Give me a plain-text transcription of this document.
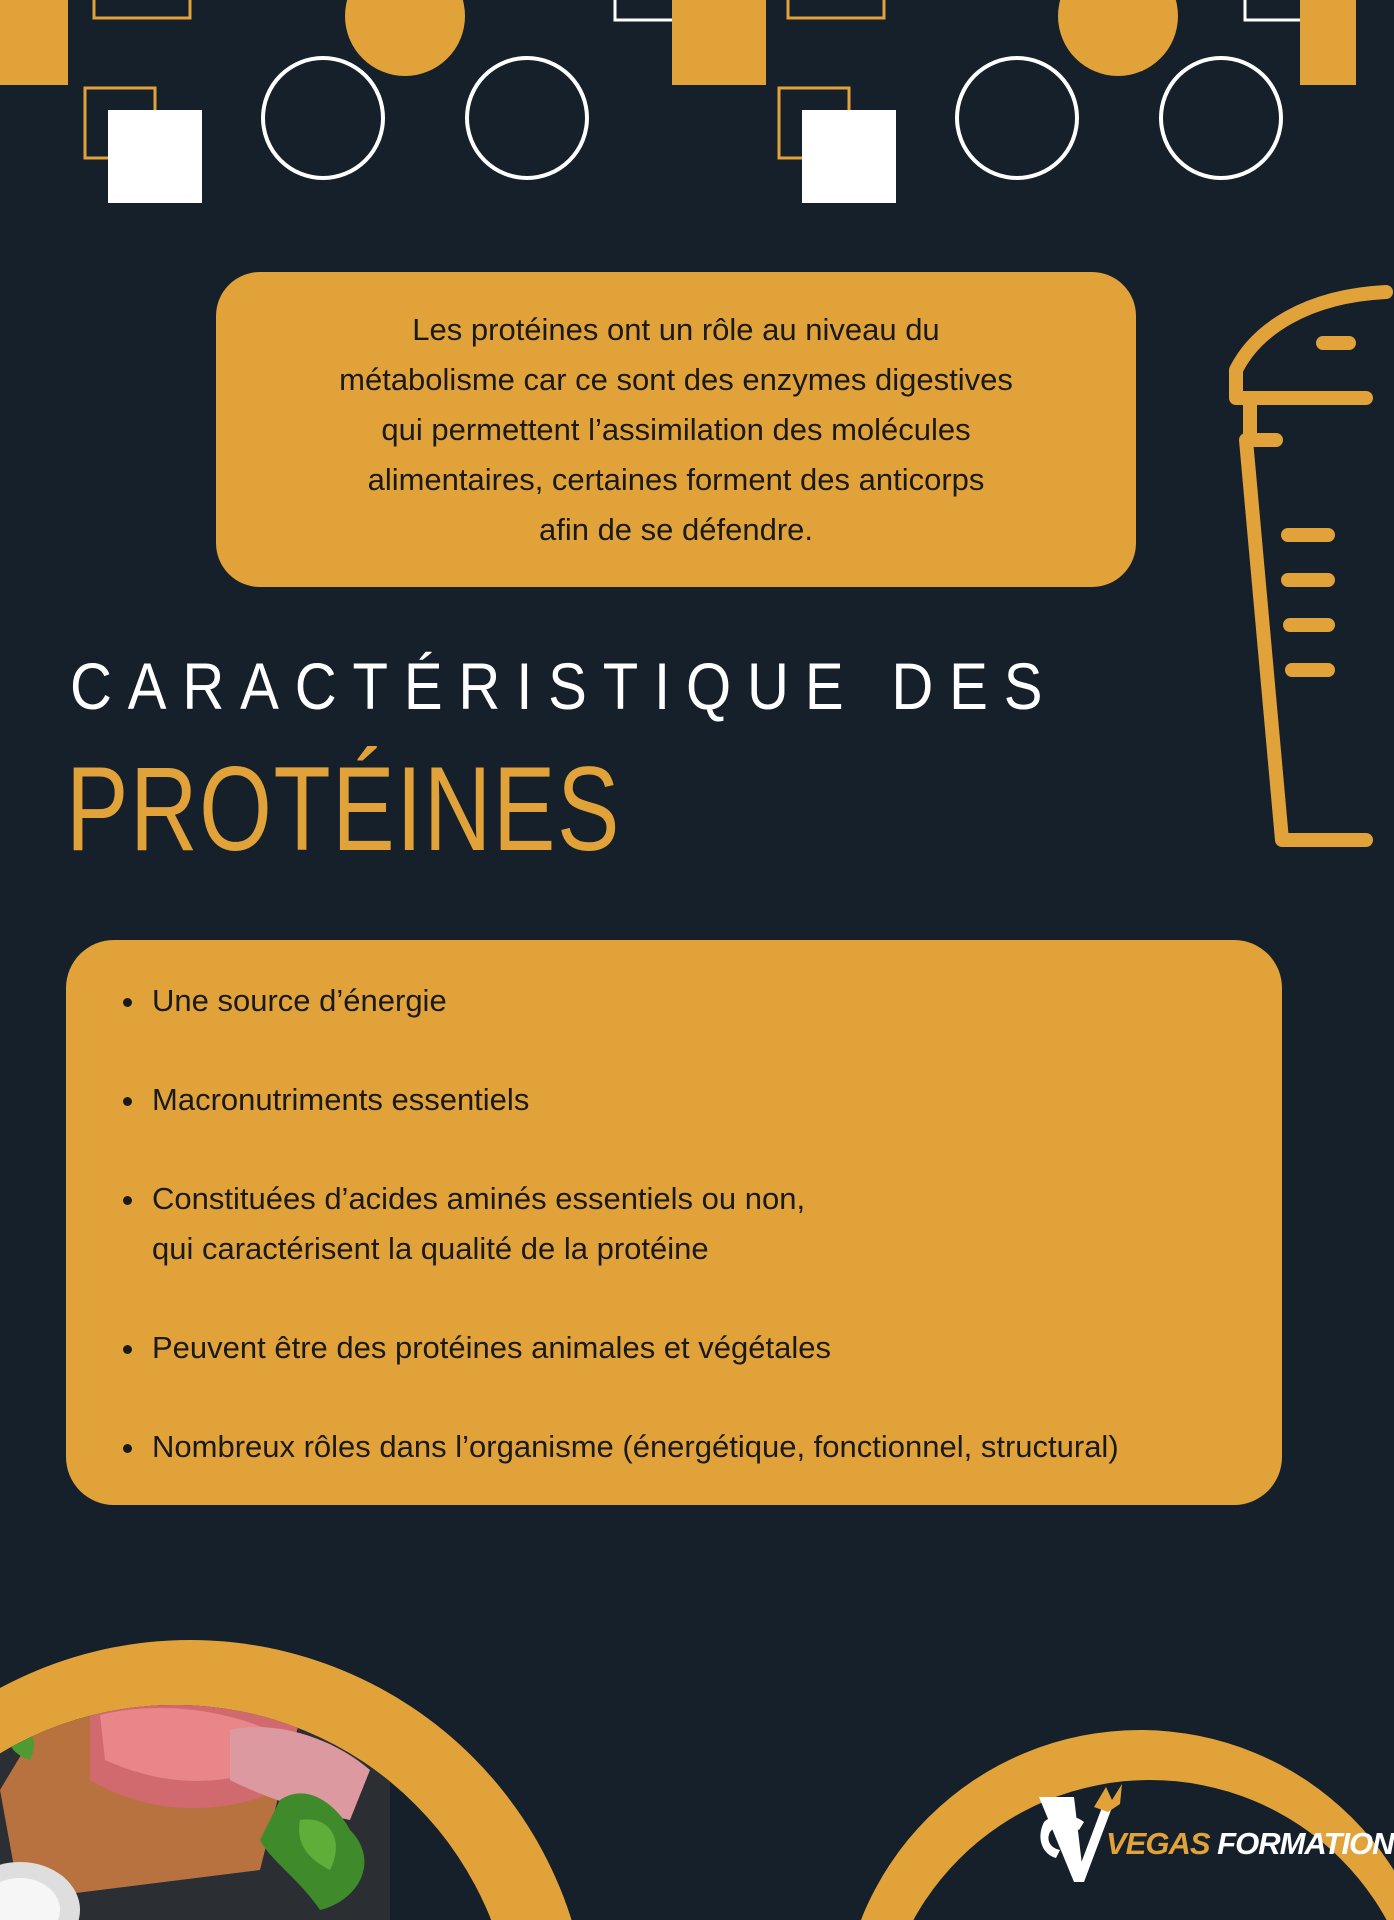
Les protéines ont un rôle au niveau du
métabolisme car ce sont des enzymes digestives
qui permettent l’assimilation des molécules
alimentaires, certaines forment des anticorps
afin de se défendre.
CARACTÉRISTIQUE DES
PROTÉINES
Une source d’énergie
Macronutriments essentiels
Constituées d’acides aminés essentiels ou non,
qui caractérisent la qualité de la protéine
Peuvent être des protéines animales et végétales
Nombreux rôles dans l’organisme (énergétique, fonctionnel, structural)
VEGAS FORMATION
